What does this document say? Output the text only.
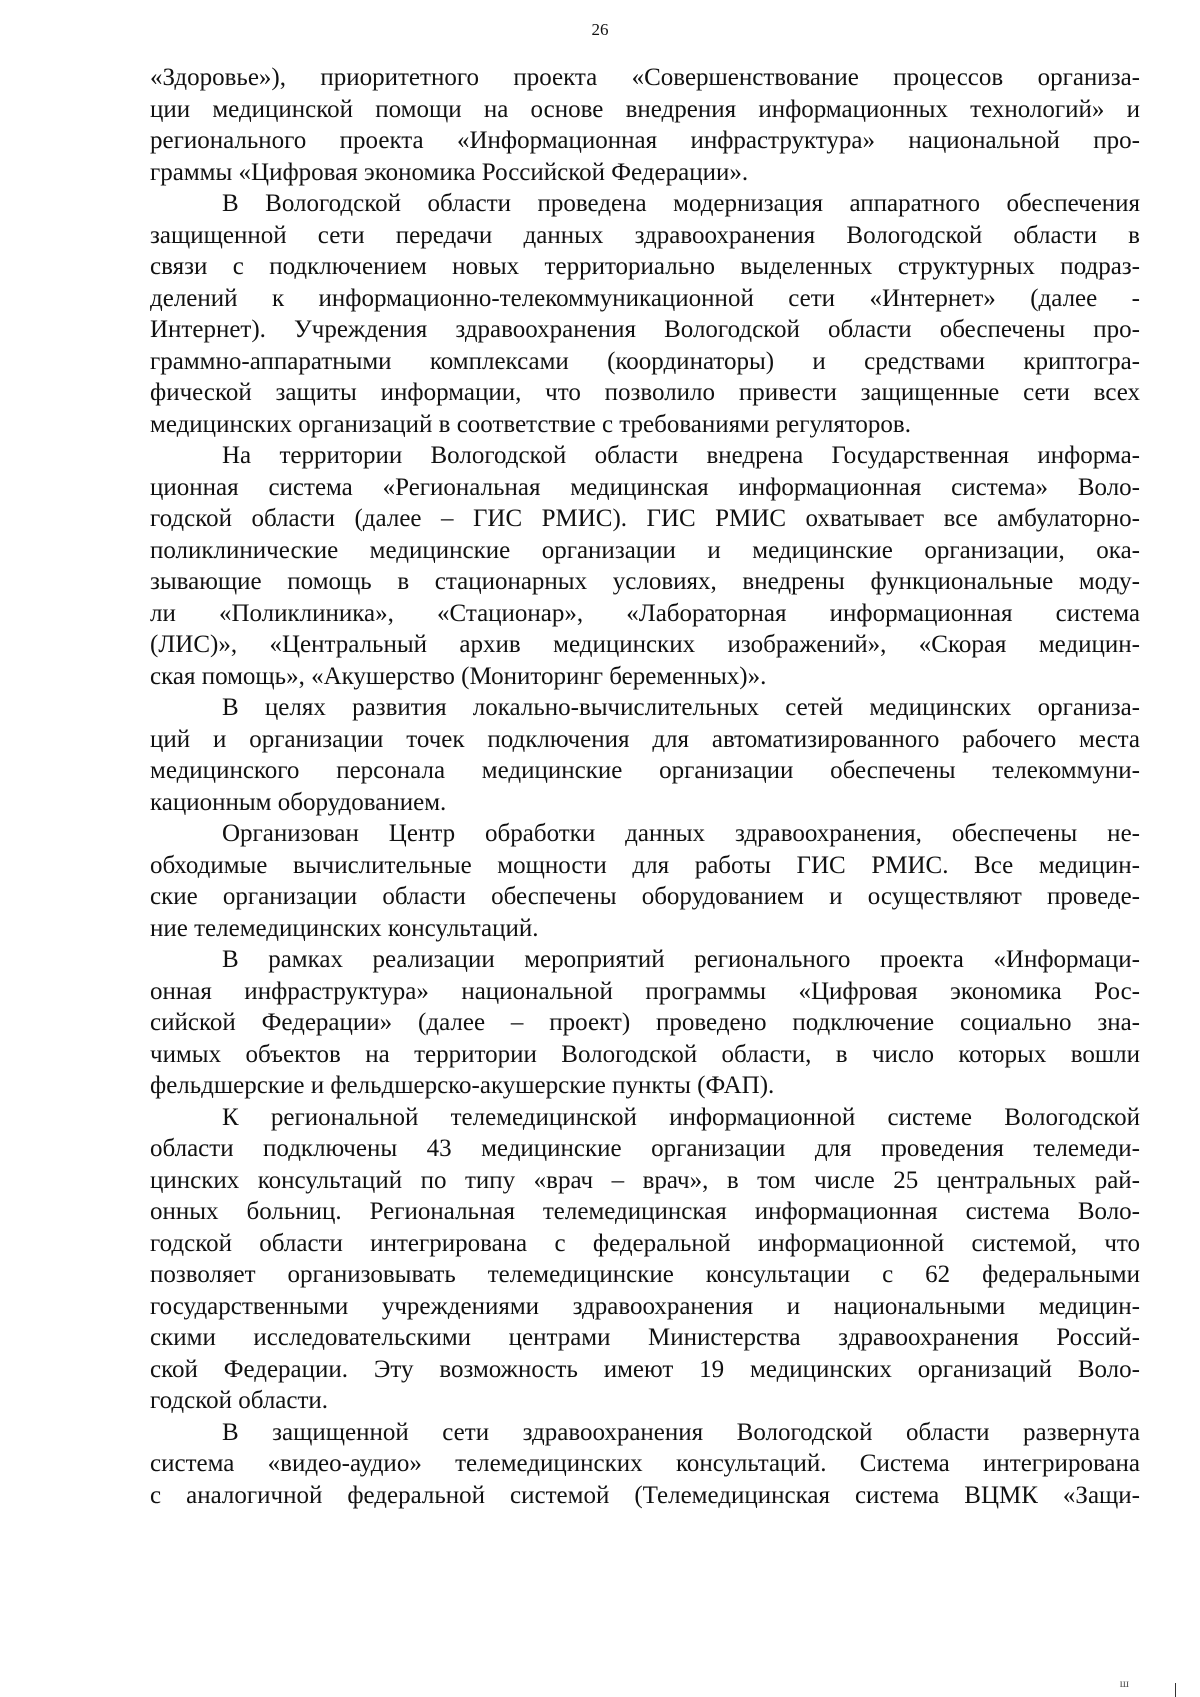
26
«Здоровье»), приоритетного проекта «Совершенствование процессов организа-
ции медицинской помощи на основе внедрения информационных технологий» и
регионального проекта «Информационная инфраструктура» национальной про-
граммы «Цифровая экономика Российской Федерации».
В Вологодской области проведена модернизация аппаратного обеспечения
защищенной сети передачи данных здравоохранения Вологодской области в
связи с подключением новых территориально выделенных структурных подраз-
делений к информационно-телекоммуникационной сети «Интернет» (далее -
Интернет). Учреждения здравоохранения Вологодской области обеспечены про-
граммно-аппаратными комплексами (координаторы) и средствами криптогра-
фической защиты информации, что позволило привести защищенные сети всех
медицинских организаций в соответствие с требованиями регуляторов.
На территории Вологодской области внедрена Государственная информа-
ционная система «Региональная медицинская информационная система» Воло-
годской области (далее – ГИС РМИС). ГИС РМИС охватывает все амбулаторно-
поликлинические медицинские организации и медицинские организации, ока-
зывающие помощь в стационарных условиях, внедрены функциональные моду-
ли «Поликлиника», «Стационар», «Лабораторная информационная система
(ЛИС)», «Центральный архив медицинских изображений», «Скорая медицин-
ская помощь», «Акушерство (Мониторинг беременных)».
В целях развития локально-вычислительных сетей медицинских организа-
ций и организации точек подключения для автоматизированного рабочего места
медицинского персонала медицинские организации обеспечены телекоммуни-
кационным оборудованием.
Организован Центр обработки данных здравоохранения, обеспечены не-
обходимые вычислительные мощности для работы ГИС РМИС. Все медицин-
ские организации области обеспечены оборудованием и осуществляют проведе-
ние телемедицинских консультаций.
В рамках реализации мероприятий регионального проекта «Информаци-
онная инфраструктура» национальной программы «Цифровая экономика Рос-
сийской Федерации» (далее – проект) проведено подключение социально зна-
чимых объектов на территории Вологодской области, в число которых вошли
фельдшерские и фельдшерско-акушерские пункты (ФАП).
К региональной телемедицинской информационной системе Вологодской
области подключены 43 медицинские организации для проведения телемеди-
цинских консультаций по типу «врач – врач», в том числе 25 центральных рай-
онных больниц. Региональная телемедицинская информационная система Воло-
годской области интегрирована с федеральной информационной системой, что
позволяет организовывать телемедицинские консультации с 62 федеральными
государственными учреждениями здравоохранения и национальными медицин-
скими исследовательскими центрами Министерства здравоохранения Россий-
ской Федерации. Эту возможность имеют 19 медицинских организаций Воло-
годской области.
В защищенной сети здравоохранения Вологодской области развернута
система «видео-аудио» телемедицинских консультаций. Система интегрирована
с аналогичной федеральной системой (Телемедицинская система ВЦМК «Защи-
ш
